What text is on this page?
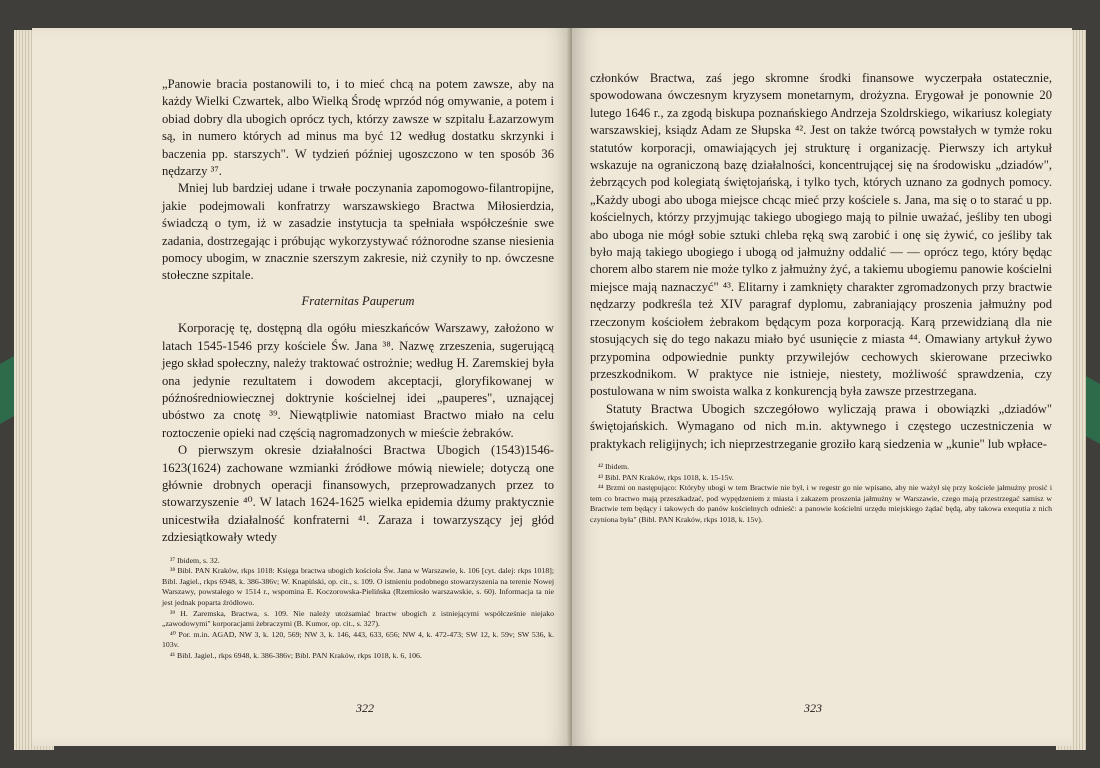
„Panowie bracia postanowili to, i to mieć chcą na potem zawsze, aby na każdy Wielki Czwartek, albo Wielką Środę wprzód nóg omywanie, a potem i obiad dobry dla ubogich oprócz tych, którzy zawsze w szpitalu Łazarzowym są, in numero których ad minus ma być 12 według dostatku skrzynki i baczenia pp. starszych". W tydzień później ugoszczono w ten sposób 36 nędzarzy ³⁷.

Mniej lub bardziej udane i trwałe poczynania zapomogowo-filantropijne, jakie podejmowali konfratrzy warszawskiego Bractwa Miłosierdzia, świadczą o tym, iż w zasadzie instytucja ta spełniała współcześnie swe zadania, dostrzegając i próbując wykorzystywać różnorodne szanse niesienia pomocy ubogim, w znacznie szerszym zakresie, niż czyniły to np. ówczesne stołeczne szpitale.

Fraternitas Pauperum

Korporację tę, dostępną dla ogółu mieszkańców Warszawy, założono w latach 1545-1546 przy kościele Św. Jana ³⁸. Nazwę zrzeszenia, sugerującą jego skład społeczny, należy traktować ostrożnie; według H. Zaremskiej była ona jedynie rezultatem i dowodem akceptacji, gloryfikowanej w późnośredniowiecznej doktrynie kościelnej idei „pauperes", uznającej ubóstwo za cnotę ³⁹. Niewątpliwie natomiast Bractwo miało na celu roztoczenie opieki nad częścią nagromadzonych w mieście żebraków.

O pierwszym okresie działalności Bractwa Ubogich (1543)1546-1623(1624) zachowane wzmianki źródłowe mówią niewiele; dotyczą one głównie drobnych operacji finansowych, przeprowadzanych przez to stowarzyszenie ⁴⁰. W latach 1624-1625 wielka epidemia dżumy praktycznie unicestwiła działalność konfraterni ⁴¹. Zaraza i towarzyszący jej głód zdziesiątkowały wtedy

³⁷ Ibidem, s. 32.

³⁸ Bibl. PAN Kraków, rkps 1018: Księga bractwa ubogich kościoła Św. Jana w Warszawie, k. 106 [cyt. dalej: rkps 1018]; Bibl. Jagiel., rkps 6948, k. 386-386v; W. Knapiński, op. cit., s. 109. O istnieniu podobnego stowarzyszenia na terenie Nowej Warszawy, powstałego w 1514 r., wspomina E. Koczorowska-Pielińska (Rzemiosło warszawskie, s. 60). Informacja ta nie jest jednak poparta źródłowo.

³⁹ H. Zaremska, Bractwa, s. 109. Nie należy utożsamiać bractw ubogich z istniejącymi współcześnie niejako „zawodowymi" korporacjami żebraczymi (B. Kumor, op. cit., s. 327).

⁴⁰ Por. m.in. AGAD, NW 3, k. 120, 569; NW 3, k. 146, 443, 633, 656; NW 4, k. 472-473; SW 12, k. 59v; SW 536, k. 103v.

⁴¹ Bibl. Jagiel., rkps 6948, k. 386-386v; Bibl. PAN Kraków, rkps 1018, k. 6, 106.

322

członków Bractwa, zaś jego skromne środki finansowe wyczerpała ostatecznie, spowodowana ówczesnym kryzysem monetarnym, drożyzna. Erygował je ponownie 20 lutego 1646 r., za zgodą biskupa poznańskiego Andrzeja Szoldrskiego, wikariusz kolegiaty warszawskiej, ksiądz Adam ze Słupska ⁴². Jest on także twórcą powstałych w tymże roku statutów korporacji, omawiających jej strukturę i organizację. Pierwszy ich artykuł wskazuje na ograniczoną bazę działalności, koncentrującej się na środowisku „dziadów", żebrzących pod kolegiatą świętojańską, i tylko tych, których uznano za godnych pomocy. „Każdy ubogi abo uboga miejsce chcąc mieć przy kościele s. Jana, ma się o to starać u pp. kościelnych, którzy przyjmując takiego ubogiego mają to pilnie uważać, jeśliby ten ubogi abo uboga nie mógł sobie sztuki chleba ręką swą zarobić i onę się żywić, co jeśliby tak było mają takiego ubogiego i ubogą od jałmużny oddalić — — oprócz tego, który będąc chorem albo starem nie może tylko z jałmużny żyć, a takiemu ubogiemu panowie kościelni miejsce mają naznaczyć" ⁴³. Elitarny i zamknięty charakter zgromadzonych przy bractwie nędzarzy podkreśla też XIV paragraf dyplomu, zabraniający proszenia jałmużny pod rzeczonym kościołem żebrakom będącym poza korporacją. Karą przewidzianą dla nie stosujących się do tego nakazu miało być usunięcie z miasta ⁴⁴. Omawiany artykuł żywo przypomina odpowiednie punkty przywilejów cechowych skierowane przeciwko przeszkodnikom. W praktyce nie istnieje, niestety, możliwość sprawdzenia, czy postulowana w nim swoista walka z konkurencją była zawsze przestrzegana.

Statuty Bractwa Ubogich szczegółowo wyliczają prawa i obowiązki „dziadów" świętojańskich. Wymagano od nich m.in. aktywnego i częstego uczestniczenia w praktykach religijnych; ich nieprzestrzeganie groziło karą siedzenia w „kunie" lub wpłace-

⁴² Ibidem.

⁴³ Bibl. PAN Kraków, rkps 1018, k. 15-15v.

⁴⁴ Brzmi on następująco: Któryby ubogi w tem Bractwie nie był, i w regestr go nie wpisano, aby nie ważył się przy kościele jałmużny prosić i tem co bractwo mają przeszkadzać, pod wypędzeniem z miasta i zakazem proszenia jałmużny w Warszawie, czego mają przestrzegać samisz w Bractwie tem będący i takowych do panów kościelnych odnieść: a panowie kościelni urzędu miejskiego żądać będą, aby takowa exequtia z nich czyniona była" (Bibl. PAN Kraków, rkps 1018, k. 15v).

323
